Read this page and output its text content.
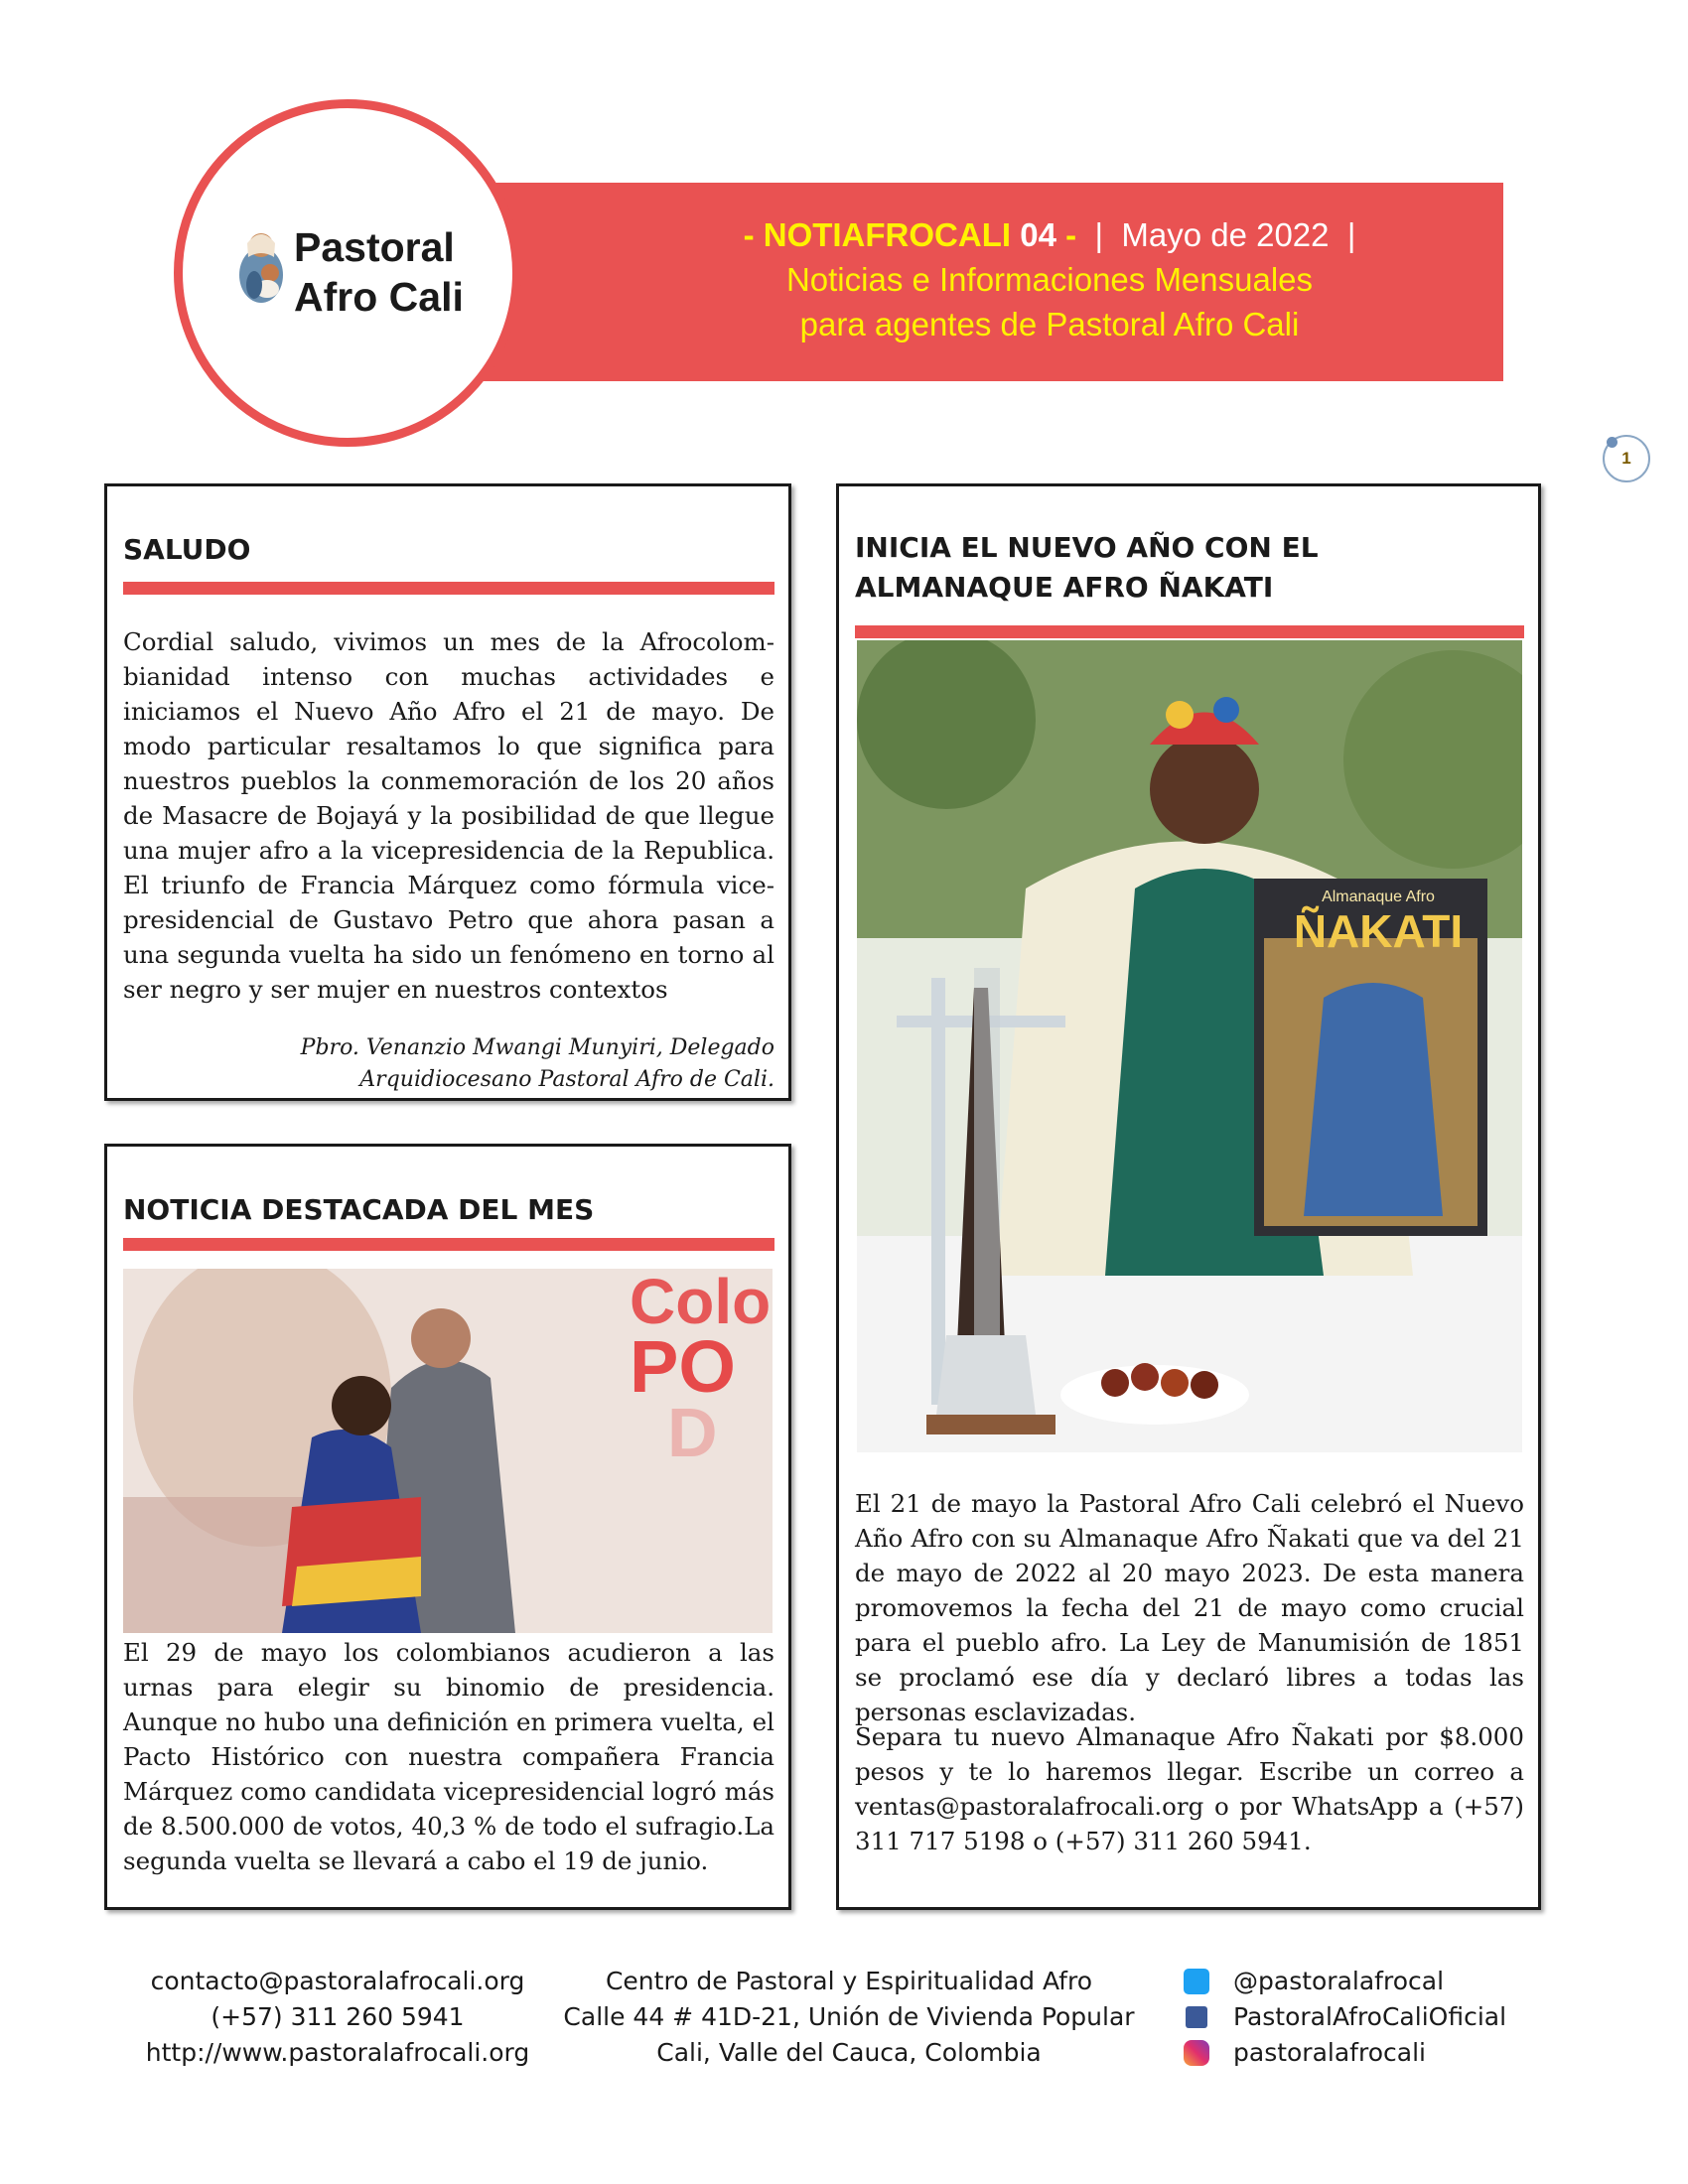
- NOTIAFROCALI 04 -  |  Mayo de 2022  |
Noticias e Informaciones Mensuales
para agentes de Pastoral Afro Cali
Pastoral
Afro Cali
1
SALUDO
Cordial saludo, vivimos un mes de la Afrocolombianidad intenso con muchas actividades e iniciamos el Nuevo Año Afro el 21 de mayo. De modo particular resaltamos lo que significa para nuestros pueblos la conmemoración de los 20 años de Masacre de Bojayá y la posibilidad de que llegue una mujer afro a la vicepresidencia de la Republica. El triunfo de Francia Márquez como fórmula vicepresidencial de Gustavo Petro que ahora pasan a una segunda vuelta ha sido un fenómeno en torno al ser negro y ser mujer en nuestros contextos
Pbro. Venanzio Mwangi Munyiri, Delegado
Arquidiocesano Pastoral Afro de Cali.
NOTICIA DESTACADA DEL MES
Colo
PO
D
El 29 de mayo los colombianos acudieron a las urnas para elegir su binomio de presidencia. Aunque no hubo una definición en primera vuelta, el Pacto Histórico con nuestra compañera Francia Márquez como candidata vicepresidencial logró más de 8.500.000 de votos, 40,3 % de todo el sufragio.La segunda vuelta se llevará a cabo el 19 de junio.
INICIA EL NUEVO AÑO CON EL ALMANAQUE AFRO ÑAKATI
Almanaque Afro
ÑAKATI
El 21 de mayo la Pastoral Afro Cali celebró el Nuevo Año Afro con su Almanaque Afro Ñakati que va del 21 de mayo de 2022 al 20 mayo 2023. De esta manera promovemos la fecha del 21 de mayo como crucial para el pueblo afro. La Ley de Manumisión de 1851 se proclamó ese día y declaró libres a todas las personas esclavizadas.
Separa tu nuevo Almanaque Afro Ñakati por $8.000 pesos y te lo haremos llegar. Escribe un correo a ventas@pastoralafrocali.org o por WhatsApp a (+57) 311 717 5198 o (+57) 311 260 5941.
contacto@pastoralafrocali.org
(+57) 311 260 5941
http://www.pastoralafrocali.org
Centro de Pastoral y Espiritualidad Afro
Calle 44 # 41D-21, Unión de Vivienda Popular
Cali, Valle del Cauca, Colombia
@pastoralafrocal
PastoralAfroCaliOficial
pastoralafrocali
